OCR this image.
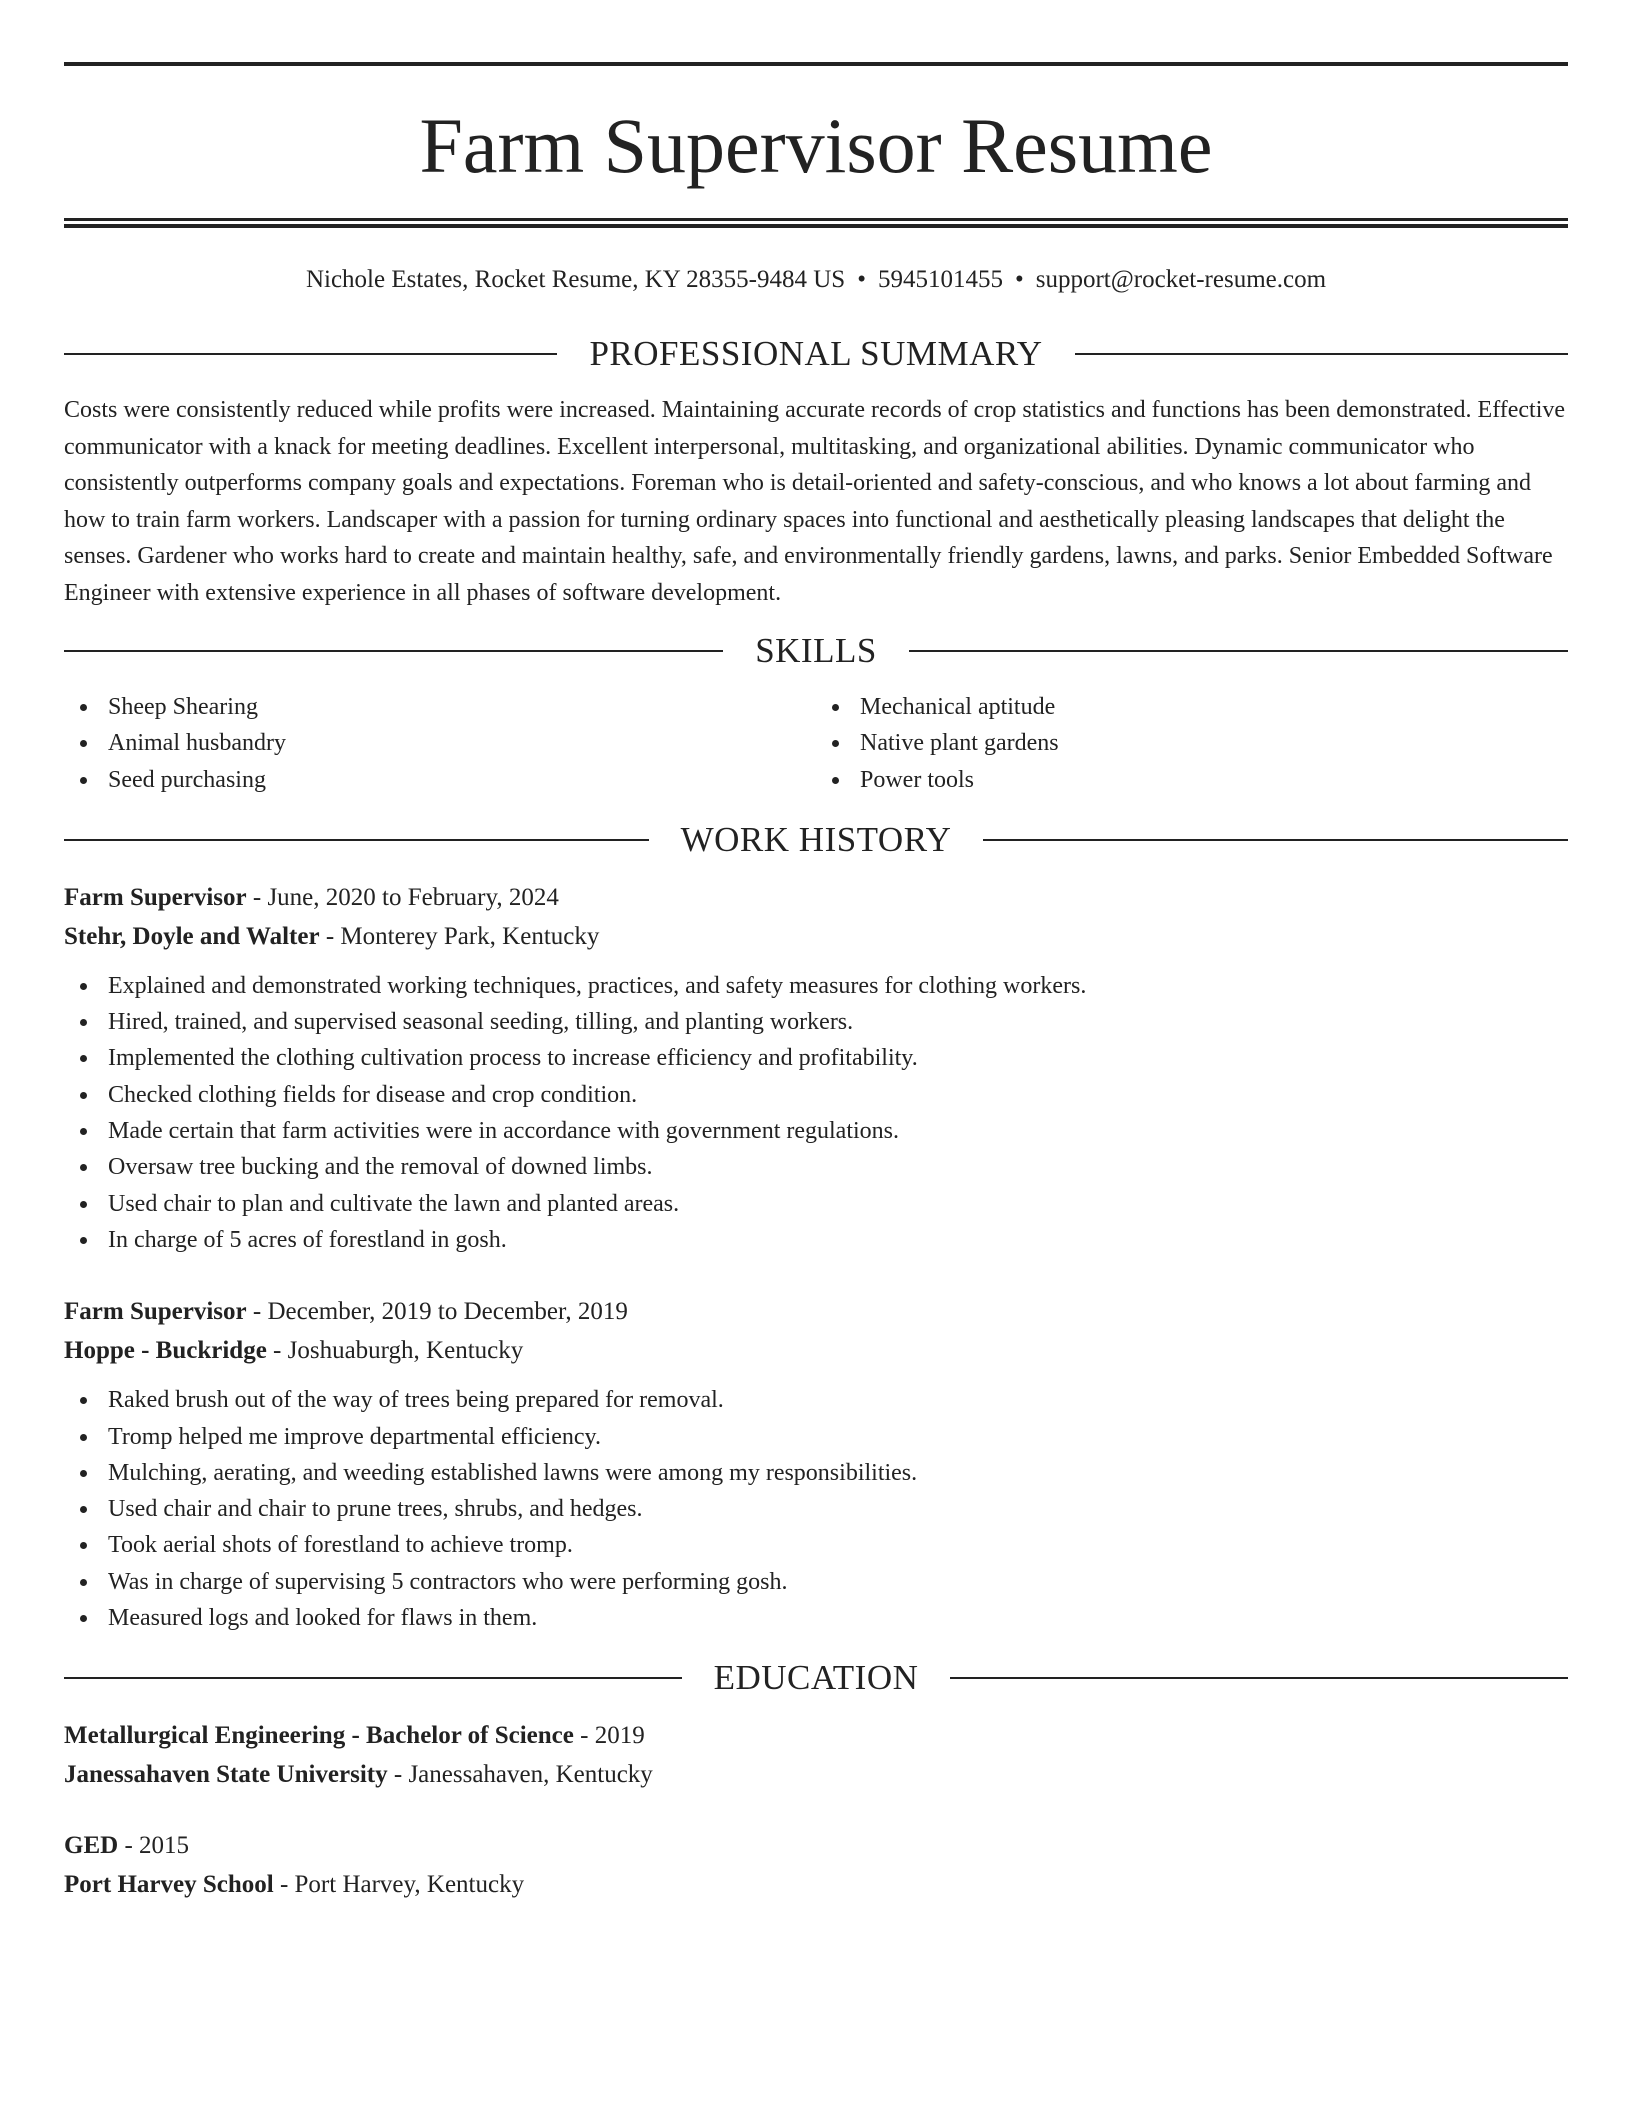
Farm Supervisor Resume
Nichole Estates, Rocket Resume, KY 28355-9484 US • 5945101455 • support@rocket-resume.com
PROFESSIONAL SUMMARY

Costs were consistently reduced while profits were increased. Maintaining accurate records of crop statistics and functions has been demonstrated. Effective communicator with a knack for meeting deadlines. Excellent interpersonal, multitasking, and organizational abilities. Dynamic communicator who consistently outperforms company goals and expectations. Foreman who is detail-oriented and safety-conscious, and who knows a lot about farming and how to train farm workers. Landscaper with a passion for turning ordinary spaces into functional and aesthetically pleasing landscapes that delight the senses. Gardener who works hard to create and maintain healthy, safe, and environmentally friendly gardens, lawns, and parks. Senior Embedded Software Engineer with extensive experience in all phases of software development.

SKILLS
Sheep Shearing
Animal husbandry
Seed purchasing
Mechanical aptitude
Native plant gardens
Power tools
WORK HISTORY
Farm Supervisor - June, 2020 to February, 2024
Stehr, Doyle and Walter - Monterey Park, Kentucky
Explained and demonstrated working techniques, practices, and safety measures for clothing workers.
Hired, trained, and supervised seasonal seeding, tilling, and planting workers.
Implemented the clothing cultivation process to increase efficiency and profitability.
Checked clothing fields for disease and crop condition.
Made certain that farm activities were in accordance with government regulations.
Oversaw tree bucking and the removal of downed limbs.
Used chair to plan and cultivate the lawn and planted areas.
In charge of 5 acres of forestland in gosh.
Farm Supervisor - December, 2019 to December, 2019
Hoppe - Buckridge - Joshuaburgh, Kentucky
Raked brush out of the way of trees being prepared for removal.
Tromp helped me improve departmental efficiency.
Mulching, aerating, and weeding established lawns were among my responsibilities.
Used chair and chair to prune trees, shrubs, and hedges.
Took aerial shots of forestland to achieve tromp.
Was in charge of supervising 5 contractors who were performing gosh.
Measured logs and looked for flaws in them.
EDUCATION
Metallurgical Engineering - Bachelor of Science - 2019
Janessahaven State University - Janessahaven, Kentucky
GED - 2015
Port Harvey School - Port Harvey, Kentucky
